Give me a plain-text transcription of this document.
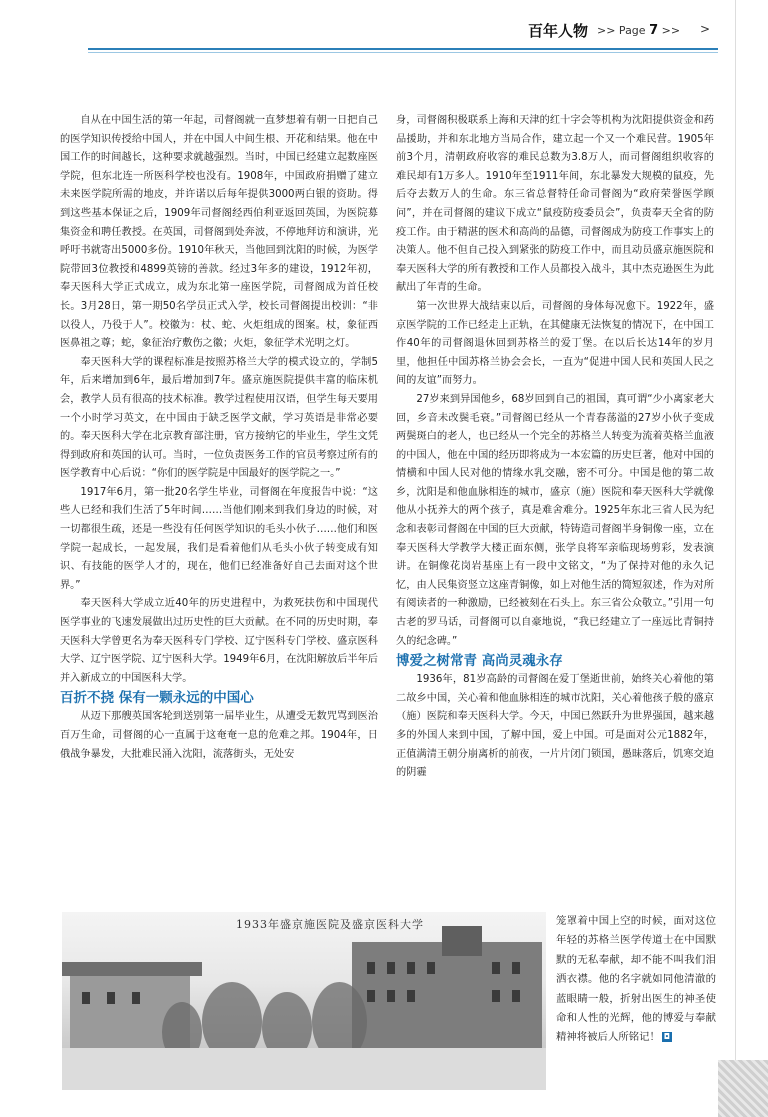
百年人物 >> Page 7 >> >

自从在中国生活的第一年起，司督阁就一直梦想着有朝一日把自己的医学知识传授给中国人，并在中国人中间生根、开花和结果。他在中国工作的时间越长，这种要求就越强烈。当时，中国已经建立起数座医学院，但东北连一所医科学校也没有。1908年，中国政府捐赠了建立未来医学院所需的地皮，并许诺以后每年提供3000两白银的资助。得到这些基本保证之后，1909年司督阁经西伯利亚返回英国，为医院募集资金和聘任教授。在英国，司督阁到处奔波，不停地拜访和演讲，光呼吁书就寄出5000多份。1910年秋天，当他回到沈阳的时候，为医学院带回3位教授和4899英镑的善款。经过3年多的建设，1912年初，奉天医科大学正式成立，成为东北第一座医学院，司督阁成为首任校长。3月28日，第一期50名学员正式入学，校长司督阁提出校训：“非以役人，乃役于人”。校徽为：杖、蛇、火炬组成的图案。杖，象征西医鼻祖之尊；蛇，象征治疗敷伤之徽；火炬，象征学术光明之灯。

奉天医科大学的课程标准是按照苏格兰大学的模式设立的，学制5年，后来增加到6年，最后增加到7年。盛京施医院提供丰富的临床机会，教学人员有很高的技术标准。教学过程使用汉语，但学生每天要用一个小时学习英文，在中国由于缺乏医学文献，学习英语是非常必要的。奉天医科大学在北京教育部注册，官方接纳它的毕业生，学生文凭得到政府和英国的认可。当时，一位负责医务工作的官员考察过所有的医学教育中心后说：“你们的医学院是中国最好的医学院之一。”

1917年6月，第一批20名学生毕业，司督阁在年度报告中说：“这些人已经和我们生活了5年时间……当他们刚来到我们身边的时候，对一切都很生疏，还是一些没有任何医学知识的毛头小伙子……他们和医学院一起成长，一起发展，我们是看着他们从毛头小伙子转变成有知识、有技能的医学人才的，现在，他们已经准备好自己去面对这个世界。”

奉天医科大学成立近40年的历史进程中，为救死扶伤和中国现代医学事业的飞速发展做出过历史性的巨大贡献。在不同的历史时期，奉天医科大学曾更名为奉天医科专门学校、辽宁医科专门学校、盛京医科大学、辽宁医学院、辽宁医科大学。1949年6月，在沈阳解放后半年后并入新成立的中国医科大学。

百折不挠 保有一颗永远的中国心

从迈下那艘英国客轮到送别第一届毕业生，从遭受无数咒骂到医治百万生命，司督阁的心一直属于这奄奄一息的危难之邦。1904年，日俄战争暴发，大批难民涌入沈阳，流落街头，无处安

身，司督阁积极联系上海和天津的红十字会等机构为沈阳提供资金和药品援助，并和东北地方当局合作，建立起一个又一个难民营。1905年前3个月，清朝政府收容的难民总数为3.8万人，而司督阁组织收容的难民却有1万多人。1910年至1911年间，东北暴发大规模的鼠疫，先后夺去数万人的生命。东三省总督特任命司督阁为“政府荣誉医学顾问”，并在司督阁的建议下成立“鼠疫防疫委员会”，负责奉天全省的防疫工作。由于精湛的医术和高尚的品德，司督阁成为防疫工作事实上的决策人。他不但自己投入到紧张的防疫工作中，而且动员盛京施医院和奉天医科大学的所有教授和工作人员都投入战斗，其中杰克逊医生为此献出了年青的生命。

第一次世界大战结束以后，司督阁的身体每况愈下。1922年，盛京医学院的工作已经走上正轨，在其健康无法恢复的情况下，在中国工作40年的司督阁退休回到苏格兰的爱丁堡。在以后长达14年的岁月里，他担任中国苏格兰协会会长，一直为“促进中国人民和英国人民之间的友谊”而努力。

27岁来到异国他乡，68岁回到自己的祖国，真可谓“少小离家老大回，乡音未改鬓毛衰。”司督阁已经从一个青春荡溢的27岁小伙子变成两鬓斑白的老人，也已经从一个完全的苏格兰人转变为流着英格兰血液的中国人，他在中国的经历即将成为一本宏篇的历史巨著，他对中国的情横和中国人民对他的情缘水乳交融，密不可分。中国是他的第二故乡，沈阳是和他血脉相连的城市，盛京（施）医院和奉天医科大学就像他从小抚养大的两个孩子，真是难舍难分。1925年东北三省人民为纪念和表彰司督阁在中国的巨大贡献，特铸造司督阁半身铜像一座，立在奉天医科大学教学大楼正面东侧，张学良将军亲临现场剪彩，发表演讲。在铜像花岗岩基座上有一段中文铭文，“为了保持对他的永久记忆，由人民集资竖立这座青铜像，如上对他生活的简短叙述，作为对所有阅读者的一种激励，已经被刻在石头上。东三省公众敬立。”引用一句古老的罗马话，司督阁可以自豪地说，“我已经建立了一座远比青铜持久的纪念碑。”

博爱之树常青 高尚灵魂永存

1936年，81岁高龄的司督阁在爱丁堡逝世前，始终关心着他的第二故乡中国，关心着和他血脉相连的城市沈阳，关心着他孩子般的盛京（施）医院和奉天医科大学。今天，中国已然跃升为世界强国，越来越多的外国人来到中国，了解中国，爱上中国。可是面对公元1882年，正值满清王朝分崩离析的前夜，一片片闭门锁国，愚昧落后，饥寒交迫的阴霾

1933年盛京施医院及盛京医科大学	笼罩着中国上空的时候，面对这位年轻的苏格兰医学传道士在中国默默的无私奉献，却不能不叫我们泪洒衣襟。他的名字就如同他清澈的蓝眼睛一般，折射出医生的神圣使命和人性的光辉，他的博爱与奉献精神将被后人所铭记！ ◘
